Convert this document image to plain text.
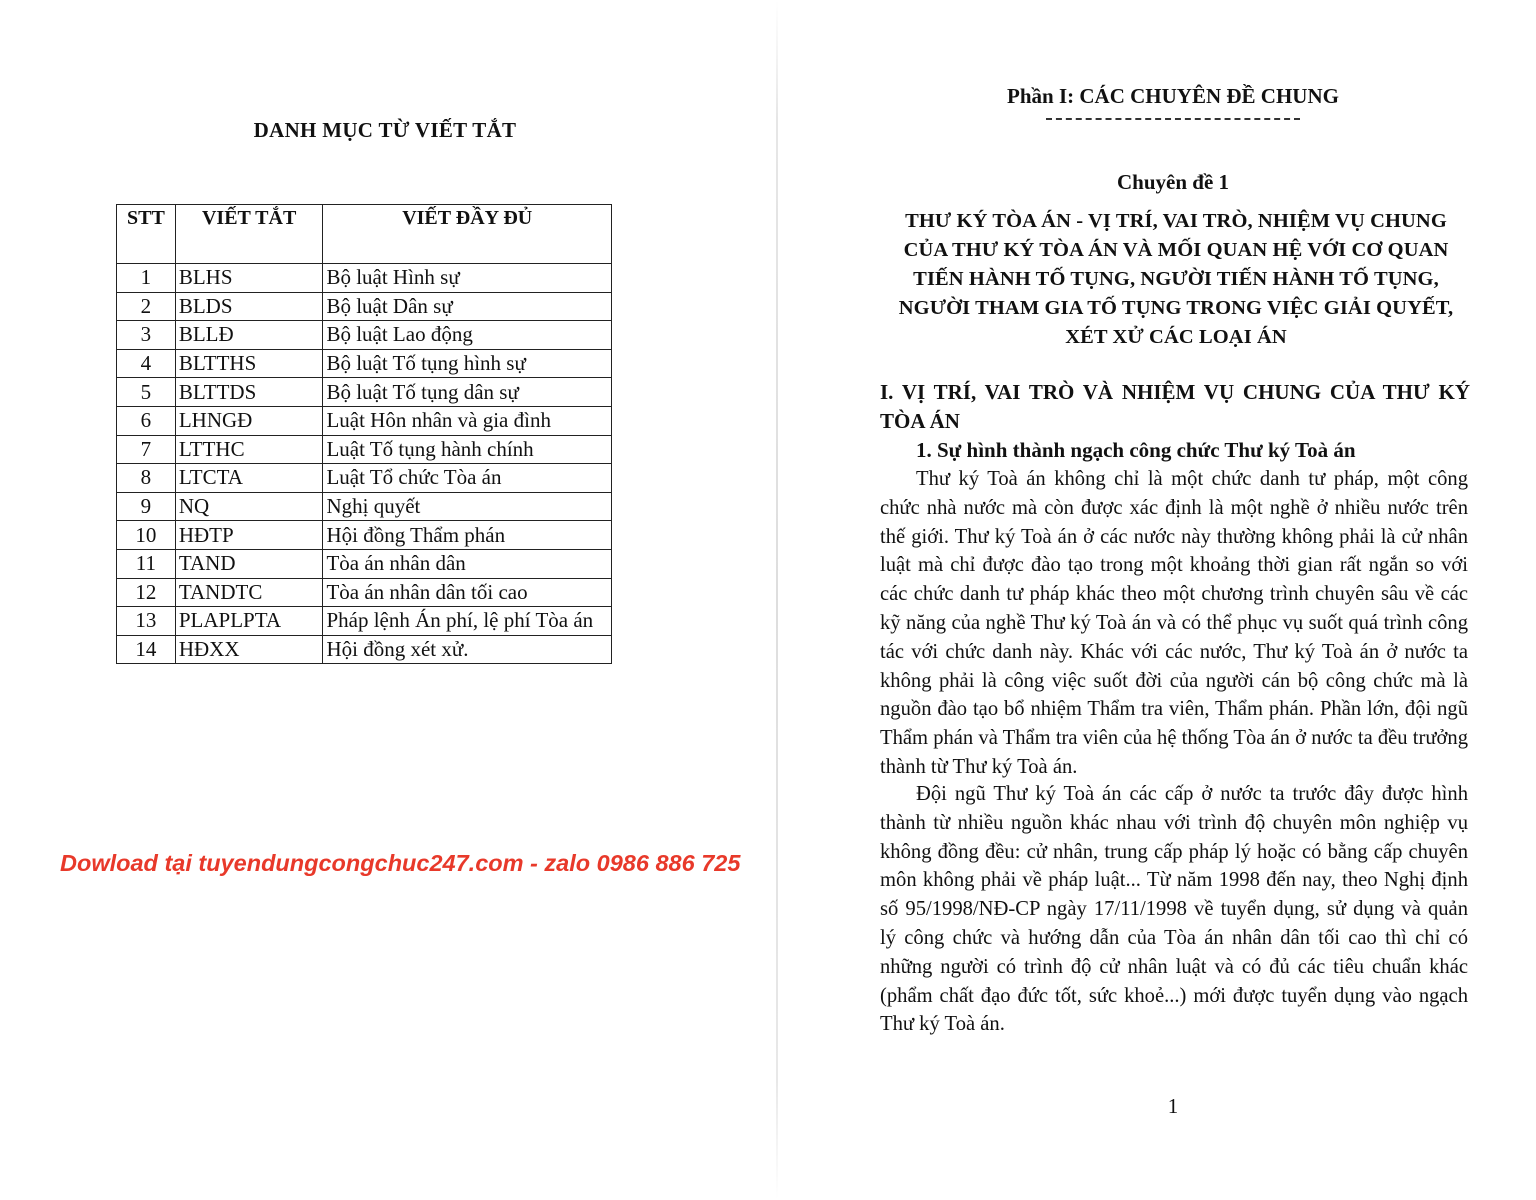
DANH MỤC TỪ VIẾT TẮT
STT	VIẾT TẮT	VIẾT ĐẦY ĐỦ
1	BLHS	Bộ luật Hình sự
2	BLDS	Bộ luật Dân sự
3	BLLĐ	Bộ luật Lao động
4	BLTTHS	Bộ luật Tố tụng hình sự
5	BLTTDS	Bộ luật Tố tụng dân sự
6	LHNGĐ	Luật Hôn nhân và gia đình
7	LTTHC	Luật Tố tụng hành chính
8	LTCTA	Luật Tổ chức Tòa án
9	NQ	Nghị quyết
10	HĐTP	Hội đồng Thẩm phán
11	TAND	Tòa án nhân dân
12	TANDTC	Tòa án nhân dân tối cao
13	PLAPLPTA	Pháp lệnh Án phí, lệ phí Tòa án
14	HĐXX	Hội đồng xét xử.
Dowload tại tuyendungcongchuc247.com - zalo 0986 886 725
Phần I: CÁC CHUYÊN ĐỀ CHUNG
Chuyên đề 1
THƯ KÝ TÒA ÁN - VỊ TRÍ, VAI TRÒ, NHIỆM VỤ CHUNG
CỦA THƯ KÝ TÒA ÁN VÀ MỐI QUAN HỆ VỚI CƠ QUAN
TIẾN HÀNH TỐ TỤNG, NGƯỜI TIẾN HÀNH TỐ TỤNG,
NGƯỜI THAM GIA TỐ TỤNG TRONG VIỆC GIẢI QUYẾT,
XÉT XỬ CÁC LOẠI ÁN
I. VỊ TRÍ, VAI TRÒ VÀ NHIỆM VỤ CHUNG CỦA THƯ KÝ TÒA ÁN
1. Sự hình thành ngạch công chức Thư ký Toà án

Thư ký Toà án không chỉ là một chức danh tư pháp, một công chức nhà nước mà còn được xác định là một nghề ở nhiều nước trên thế giới. Thư ký Toà án ở các nước này thường không phải là cử nhân luật mà chỉ được đào tạo trong một khoảng thời gian rất ngắn so với các chức danh tư pháp khác theo một chương trình chuyên sâu về các kỹ năng của nghề Thư ký Toà án và có thể phục vụ suốt quá trình công tác với chức danh này. Khác với các nước, Thư ký Toà án ở nước ta không phải là công việc suốt đời của người cán bộ công chức mà là nguồn đào tạo bổ nhiệm Thẩm tra viên, Thẩm phán. Phần lớn, đội ngũ Thẩm phán và Thẩm tra viên của hệ thống Tòa án ở nước ta đều trưởng thành từ Thư ký Toà án.

Đội ngũ Thư ký Toà án các cấp ở nước ta trước đây được hình thành từ nhiều nguồn khác nhau với trình độ chuyên môn nghiệp vụ không đồng đều: cử nhân, trung cấp pháp lý hoặc có bằng cấp chuyên môn không phải về pháp luật... Từ năm 1998 đến nay, theo Nghị định số 95/1998/NĐ-CP ngày 17/11/1998 về tuyển dụng, sử dụng và quản lý công chức và hướng dẫn của Tòa án nhân dân tối cao thì chỉ có những người có trình độ cử nhân luật và có đủ các tiêu chuẩn khác (phẩm chất đạo đức tốt, sức khoẻ...) mới được tuyển dụng vào ngạch Thư ký Toà án.

1
